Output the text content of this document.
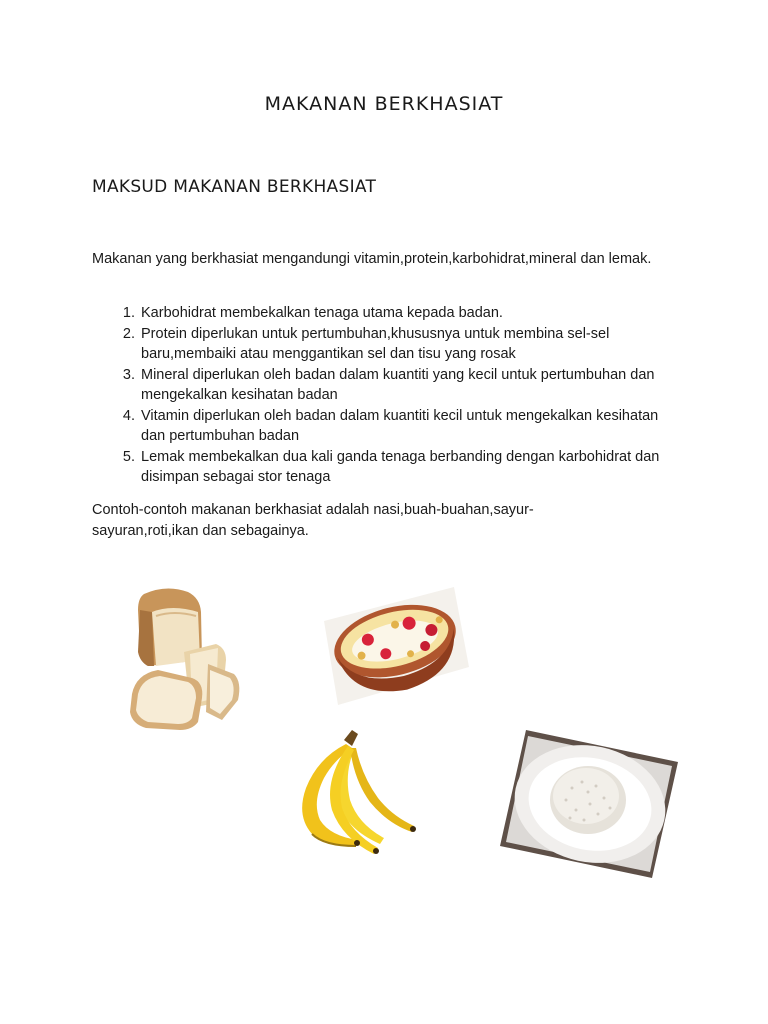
MAKANAN BERKHASIAT
MAKSUD MAKANAN BERKHASIAT

Makanan yang berkhasiat mengandungi vitamin,protein,karbohidrat,mineral dan lemak.

1. Karbohidrat membekalkan tenaga utama kepada badan.
2. Protein diperlukan untuk pertumbuhan,khususnya untuk membina sel-sel baru,membaiki atau menggantikan sel dan tisu yang rosak
3. Mineral diperlukan oleh badan dalam kuantiti yang kecil untuk pertumbuhan dan mengekalkan kesihatan badan
4. Vitamin diperlukan oleh badan dalam kuantiti kecil untuk mengekalkan kesihatan dan pertumbuhan badan
5. Lemak membekalkan dua kali ganda tenaga berbanding dengan karbohidrat dan disimpan sebagai stor tenaga

Contoh-contoh makanan berkhasiat adalah nasi,buah-buahan,sayur-sayuran,roti,ikan dan sebagainya.
